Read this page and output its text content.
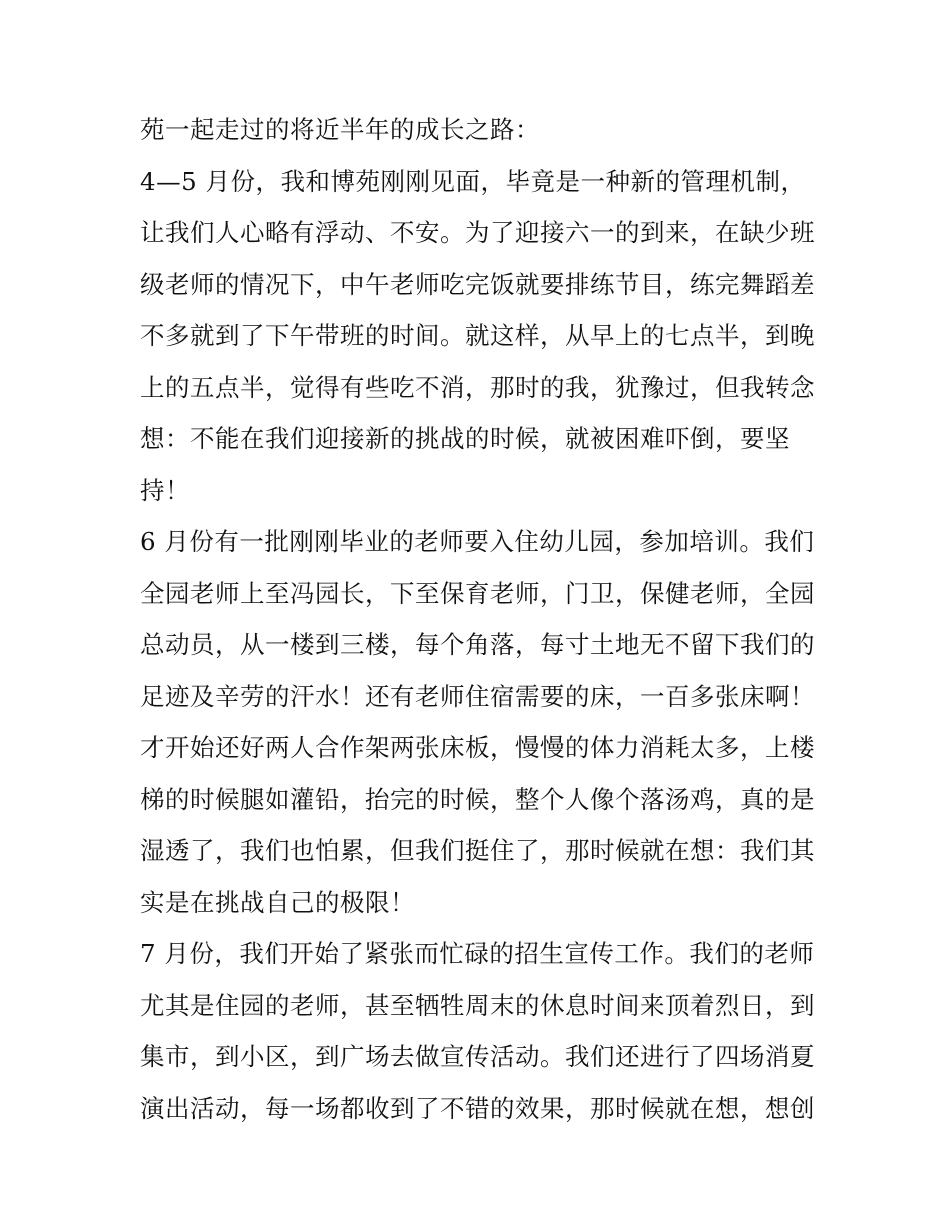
苑一起走过的将近半年的成长之路：
4—5 月份，我和博苑刚刚见面，毕竟是一种新的管理机制，
让我们人心略有浮动、不安。为了迎接六一的到来，在缺少班
级老师的情况下，中午老师吃完饭就要排练节目，练完舞蹈差
不多就到了下午带班的时间。就这样，从早上的七点半，到晚
上的五点半，觉得有些吃不消，那时的我，犹豫过，但我转念
想：不能在我们迎接新的挑战的时候，就被困难吓倒，要坚
持！
6 月份有一批刚刚毕业的老师要入住幼儿园，参加培训。我们
全园老师上至冯园长，下至保育老师，门卫，保健老师，全园
总动员，从一楼到三楼，每个角落，每寸土地无不留下我们的
足迹及辛劳的汗水！还有老师住宿需要的床，一百多张床啊！
才开始还好两人合作架两张床板，慢慢的体力消耗太多，上楼
梯的时候腿如灌铅，抬完的时候，整个人像个落汤鸡，真的是
湿透了，我们也怕累，但我们挺住了，那时候就在想：我们其
实是在挑战自己的极限！
7 月份，我们开始了紧张而忙碌的招生宣传工作。我们的老师
尤其是住园的老师，甚至牺牲周末的休息时间来顶着烈日，到
集市，到小区，到广场去做宣传活动。我们还进行了四场消夏
演出活动，每一场都收到了不错的效果，那时候就在想，想创
